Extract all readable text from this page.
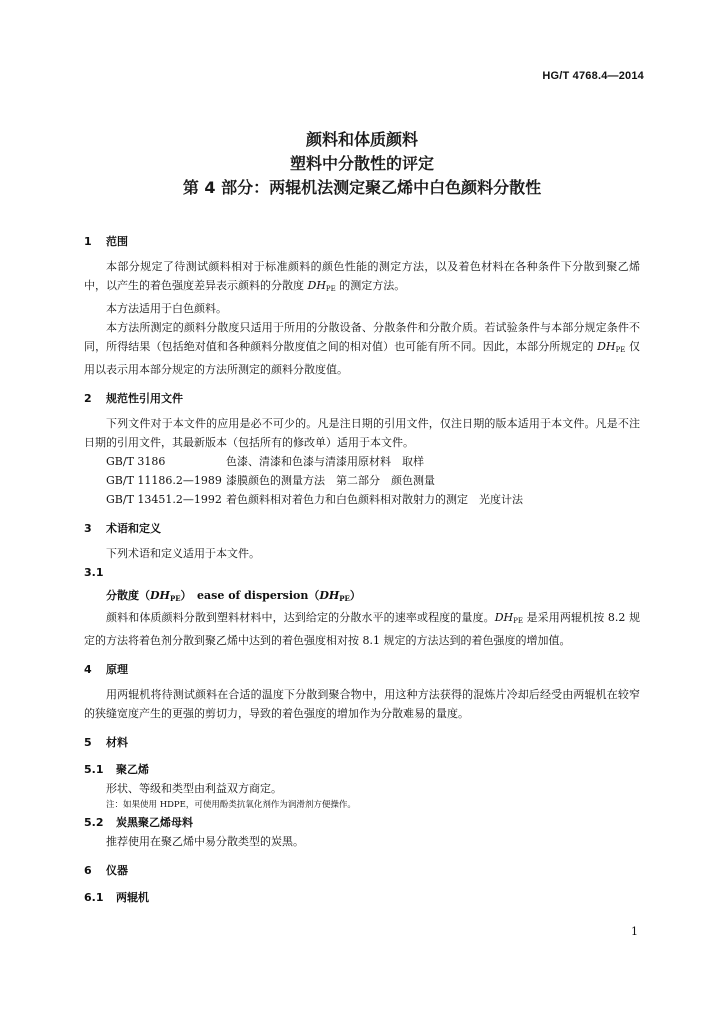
HG/T 4768.4—2014
颜料和体质颜料
塑料中分散性的评定
第 4 部分：两辊机法测定聚乙烯中白色颜料分散性
1 范围
本部分规定了待测试颜料相对于标准颜料的颜色性能的测定方法，以及着色材料在各种条件下分散到聚乙烯中，以产生的着色强度差异表示颜料的分散度 $DH_{PE}$ 的测定方法。
本方法适用于白色颜料。
本方法所测定的颜料分散度只适用于所用的分散设备、分散条件和分散介质。若试验条件与本部分规定条件不同，所得结果（包括绝对值和各种颜料分散度值之间的相对值）也可能有所不同。因此，本部分所规定的 $DH_{PE}$ 仅用以表示用本部分规定的方法所测定的颜料分散度值。
2 规范性引用文件
下列文件对于本文件的应用是必不可少的。凡是注日期的引用文件，仅注日期的版本适用于本文件。凡是不注日期的引用文件，其最新版本（包括所有的修改单）适用于本文件。
GB/T 3186	色漆、清漆和色漆与清漆用原材料　取样
GB/T 11186.2—1989 漆膜颜色的测量方法　第二部分　颜色测量
GB/T 13451.2—1992 着色颜料相对着色力和白色颜料相对散射力的测定　光度计法
3 术语和定义
下列术语和定义适用于本文件。
3.1
分散度$(DH_{PE})$　ease of $dispersion(DH_{PE})$
颜料和体质颜料分散到塑料材料中，达到给定的分散水平的速率或程度的量度。$DH_{PE}$ 是采用两辊机按 8.2 规定的方法将着色剂分散到聚乙烯中达到的着色强度相对按 8.1 规定的方法达到的着色强度的增加值。
4 原理
用两辊机将待测试颜料在合适的温度下分散到聚合物中，用这种方法获得的混炼片冷却后经受由两辊机在较窄的狭缝宽度产生的更强的剪切力，导致的着色强度的增加作为分散难易的量度。
5 材料
5.1 聚乙烯
形状、等级和类型由利益双方商定。
注：如果使用 HDPE，可使用酚类抗氧化剂作为润滑剂方便操作。
5.2 炭黑聚乙烯母料
推荐使用在聚乙烯中易分散类型的炭黑。
6 仪器
6.1 两辊机
1
